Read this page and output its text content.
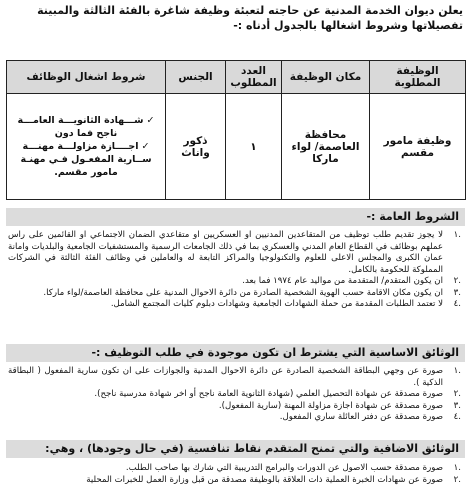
يعلن ديوان الخدمة المدنية عن حاجته لتعبئة وظيفة شاغرة بالفئة الثالثة والمبينة تفصيلاتها وشروط اشغالها بالجدول أدناه :-
الوظيفة المطلوبة	مكان الوظيفة	العدد المطلوب	الجنس	شروط اشغال الوظائف
وظيفة مامور مقسم	محافظة العاصمة/ لواء ماركا	١	ذكور واناث	✓شـــهادة الثانويـــة العامـــة ناجح فما دون
✓اجــــازة مزاولـــة مهنـــة ســارية المفعـول فـي مهنـة مامور مقسم.
الشروط العامة :-
.١
لا يجوز تقديم طلب توظيف من المتقاعدين المدنيين او العسكريين او متقاعدي الضمان الاجتماعي او القائمين على راس عملهم بوظائف في القطاع العام المدني والعسكري بما في ذلك الجامعات الرسمية والمستشفيات الجامعية والبلديات وامانة عمان الكبرى والمجلس الاعلى للعلوم والتكنولوجيا والمراكز التابعة له والعاملين في وظائف الفئة الثالثة في الشركات المملوكة للحكومة بالكامل.
.٢
ان يكون المتقدم/ المتقدمة من مواليد عام ١٩٧٤ فما بعد.
.٣
ان يكون مكان الاقامة حسب الهوية الشخصية الصادرة من دائرة الاحوال المدنية على محافظة العاصمة/لواء ماركا.
.٤
لا تعتمد الطلبات المقدمة من حملة الشهادات الجامعية وشهادات دبلوم كليات المجتمع الشامل.
الوثائق الاساسية التي يشترط ان تكون موجودة في طلب التوظيف :-
.١
صورة عن وجهي البطاقة الشخصية الصادرة عن دائرة الاحوال المدنية والجوازات على ان تكون سارية المفعول ( البطاقة الذكية ).
.٢
صورة مصدقة عن شهادة التحصيل العلمي (شهادة الثانوية العامة ناجح أو اخر شهادة مدرسية ناجح).
.٣
صورة مصدقة عن شهادة اجازة مزاولة المهنة (سارية المفعول).
.٤
صورة مصدقة عن دفتر العائلة ساري المفعول.
الوثائق الاضافية والتي تمنح المتقدم نقاط تنافسية (في حال وجودها) ، وهي:
.١
صورة مصدقة حسب الاصول عن الدورات والبرامج التدريبية التي شارك بها صاحب الطلب.
.٢
صورة عن شهادات الخبرة العملية ذات العلاقة بالوظيفة مصدقة من قبل وزارة العمل للخبرات المحلية
